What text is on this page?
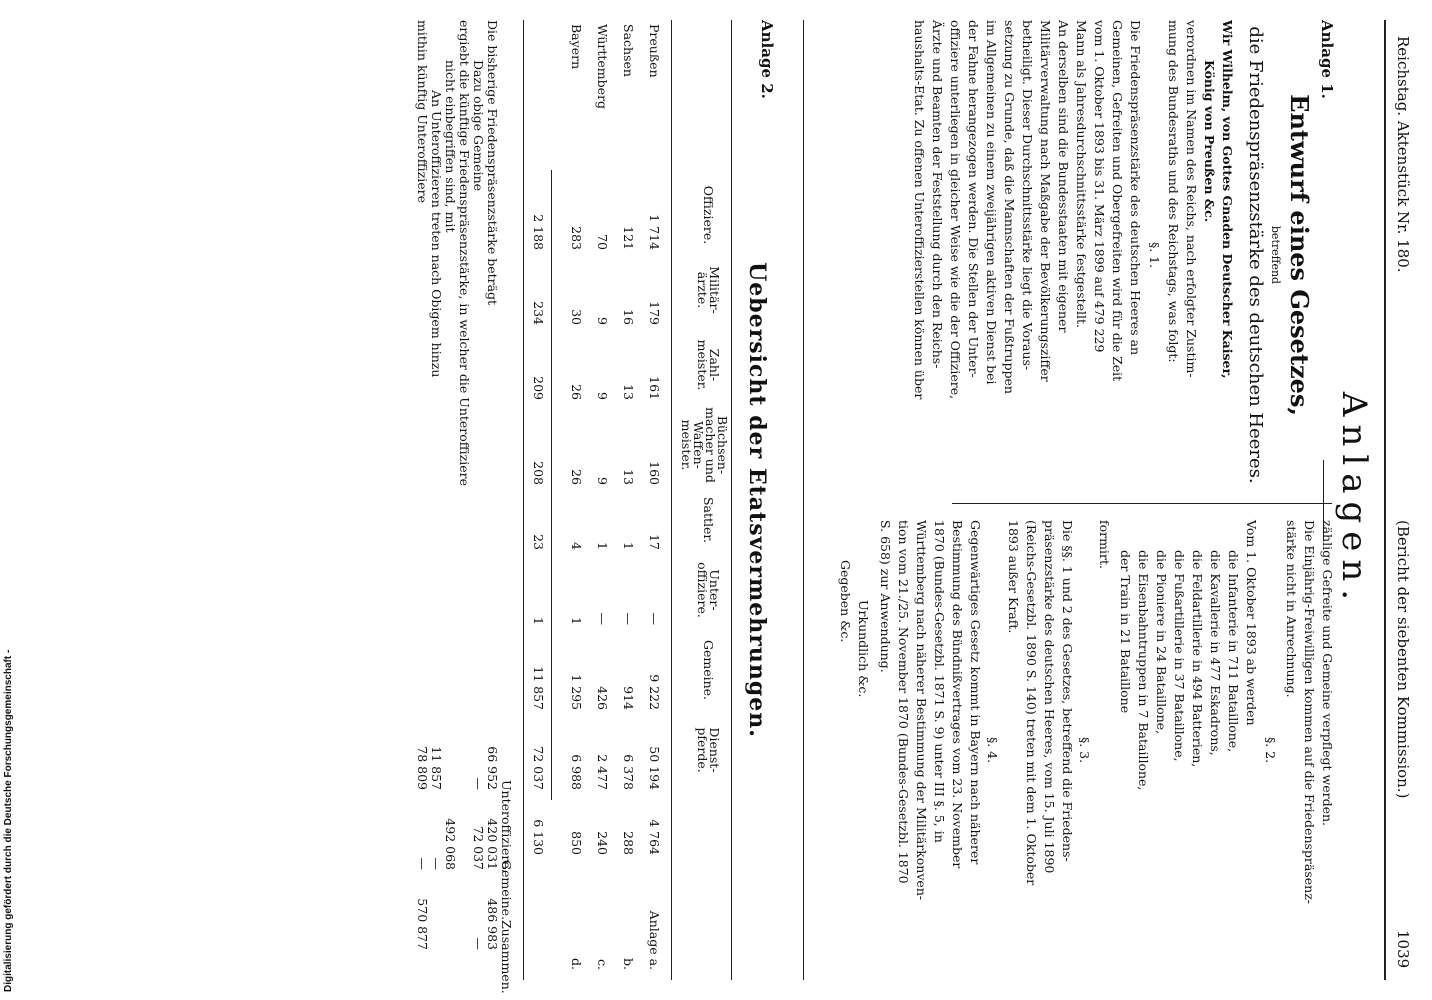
Reichstag. Aktenstück Nr. 180.
(Bericht der siebenten Kommission.)
1039
Anlagen.
Anlage 1.
Entwurf eines Gesetzes,
betreffend
die Friedenspräsenzstärke des deutschen Heeres.
Wir Wilhelm, von Gottes Gnaden Deutscher Kaiser,
König von Preußen &c.
verordnen im Namen des Reichs, nach erfolgter Zustim-
mung des Bundesraths und des Reichstags, was folgt:
§. 1.
Die Friedenspräsenzstärke des deutschen Heeres an
Gemeinen, Gefreiten und Obergefreiten wird für die Zeit
vom 1. Oktober 1893 bis 31. März 1899 auf 479 229
Mann als Jahresdurchschnittsstärke festgestellt.
An derselben sind die Bundesstaaten mit eigener
Militärverwaltung nach Maßgabe der Bevölkerungsziffer
betheiligt. Dieser Durchschnittsstärke liegt die Voraus-
setzung zu Grunde, daß die Mannschaften der Fußtruppen
im Allgemeinen zu einem zweijährigen aktiven Dienst bei
der Fahne herangezogen werden. Die Stellen der Unter-
offiziere unterliegen in gleicher Weise wie die der Offiziere,
Ärzte und Beamten der Feststellung durch den Reichs-
haushalts-Etat. Zu offenen Unteroffizierstellen können über
zählige Gefreite und Gemeine verpflegt werden.
Die Einjährig-Freiwilligen kommen auf die Friedenspräsenz-
stärke nicht in Anrechnung.
§. 2.
Vom 1. Oktober 1893 ab werden
die Infanterie in 711 Bataillone,
die Kavallerie in 477 Eskadrons,
die Feldartillerie in 494 Batterien,
die Fußartillerie in 37 Bataillone,
die Pioniere in 24 Bataillone,
die Eisenbahntruppen in 7 Bataillone,
der Train in 21 Bataillone
formirt.
§. 3.
Die §§. 1 und 2 des Gesetzes, betreffend die Friedens-
präsenzstärke des deutschen Heeres, vom 15. Juli 1890
(Reichs-Gesetzbl. 1890 S. 140) treten mit dem 1. Oktober
1893 außer Kraft.
§. 4.
Gegenwärtiges Gesetz kommt in Bayern nach näherer
Bestimmung des Bündnißvertrages vom 23. November
1870 (Bundes-Gesetzbl. 1871 S. 9) unter III §. 5, in
Württemberg nach näherer Bestimmung der Militärkonven-
tion vom 21./25. November 1870 (Bundes-Gesetzbl. 1870
S. 658) zur Anwendung.
Urkundlich &c.
Gegeben &c.
Anlage 2.
Uebersicht der Etatsvermehrungen.
Offiziere.
Militär-ärzte.
Zahl-meister.
Büchsen-macher und Waffen-meister.
Sattler.
Unter-offiziere.
Gemeine.
Dienst-pferde.
Preußen
1 714
179
161
160
17
—
9 222
50 194
4 764
Anlage a.
Sachsen
121
16
13
13
1
—
914
6 378
288
b.
Württemberg
70
9
9
9
1
—
426
2 477
240
c.
Bayern
283
30
26
26
4
1
1 295
6 988
850
d.
2 188
234
209
208
23
1
11 857
72 037
6 130
Unteroffiziere.
Gemeine.
Zusammen.
Die bisherige Friedenspräsenzstärke beträgt
66 952
420 031
486 983
Dazu obige Gemeine
—
72 037
—
ergiebt die künftige Friedenspräsenzstärke, in welcher die Unteroffiziere
nicht einbegriffen sind, mit
492 068
An Unteroffizieren treten nach Obigem hinzu
11 857
—
mithin künftig Unteroffiziere
78 809
—
570 877
Digitalisierung gefördert durch die Deutsche Forschungsgemeinschaft -
